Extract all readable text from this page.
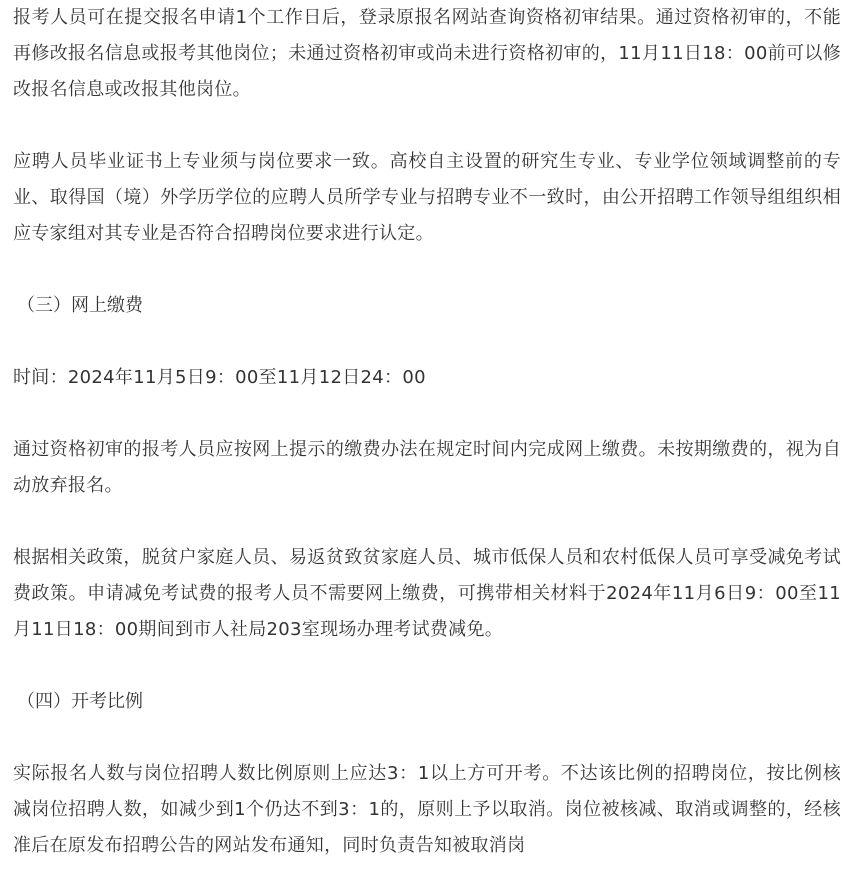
报考人员可在提交报名申请1个工作日后，登录原报名网站查询资格初审结果。通过资格初审的，不能再修改报名信息或报考其他岗位；未通过资格初审或尚未进行资格初审的，11月11日18：00前可以修改报名信息或改报其他岗位。

应聘人员毕业证书上专业须与岗位要求一致。高校自主设置的研究生专业、专业学位领域调整前的专业、取得国（境）外学历学位的应聘人员所学专业与招聘专业不一致时，由公开招聘工作领导组组织相应专家组对其专业是否符合招聘岗位要求进行认定。

（三）网上缴费

时间：2024年11月5日9：00至11月12日24：00

通过资格初审的报考人员应按网上提示的缴费办法在规定时间内完成网上缴费。未按期缴费的，视为自动放弃报名。

根据相关政策，脱贫户家庭人员、易返贫致贫家庭人员、城市低保人员和农村低保人员可享受减免考试费政策。申请减免考试费的报考人员不需要网上缴费，可携带相关材料于2024年11月6日9：00至11月11日18：00期间到市人社局203室现场办理考试费减免。

（四）开考比例

实际报名人数与岗位招聘人数比例原则上应达3：1以上方可开考。不达该比例的招聘岗位，按比例核减岗位招聘人数，如减少到1个仍达不到3：1的，原则上予以取消。岗位被核减、取消或调整的，经核准后在原发布招聘公告的网站发布通知，同时负责告知被取消岗
